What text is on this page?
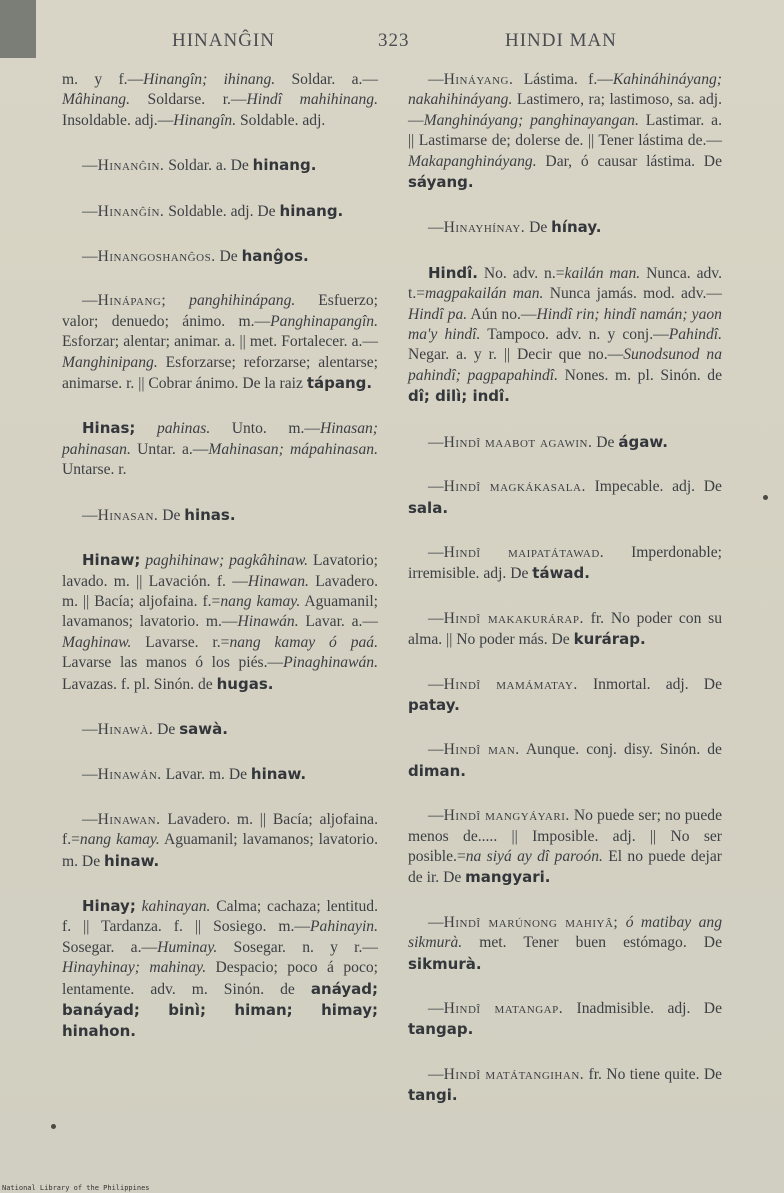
HINANĜIN	323	HINDI MAN
m. y f.—Hinangîn; ihinang. Soldar. a.—Mâhinang. Soldarse. r.—Hindî mahihinang. Insoldable. adj.—Hinangîn. Soldable. adj.
—Hinanĝin. Soldar. a. De hinang.
—Hinanĝín. Soldable. adj. De hinang.
—Hinangoshanĝos. De hanĝos.
—Hinápang; panghihinápang. Esfuerzo; valor; denuedo; ánimo. m.—Panghinapangîn. Esforzar; alentar; animar. a. || met. Fortalecer. a.—Manghinipang. Esforzarse; reforzarse; alentarse; animarse. r. || Cobrar ánimo. De la raiz tápang.
Hinas; pahinas. Unto. m.—Hinasan; pahinasan. Untar. a.—Mahinasan; mápahinasan. Untarse. r.
—Hinasan. De hinas.
Hinaw; paghihinaw; pagkâhinaw. Lavatorio; lavado. m. || Lavación. f. —Hinawan. Lavadero. m. || Bacía; aljofaina. f.=nang kamay. Aguamanil; lavamanos; lavatorio. m.—Hinawán. Lavar. a.—Maghinaw. Lavarse. r.=nang kamay ó paá. Lavarse las manos ó los piés.—Pinaghinawán. Lavazas. f. pl. Sinón. de hugas.
—Hinawà. De sawà.
—Hinawán. Lavar. m. De hinaw.
—Hinawan. Lavadero. m. || Bacía; aljofaina. f.=nang kamay. Aguamanil; lavamanos; lavatorio. m. De hinaw.
Hinay; kahinayan. Calma; cachaza; lentitud. f. || Tardanza. f. || Sosiego. m.—Pahinayin. Sosegar. a.—Huminay. Sosegar. n. y r.—Hinayhinay; mahinay. Despacio; poco á poco; lentamente. adv. m. Sinón. de anáyad; banáyad; binì; himan; himay; hinahon.
—Hináyang. Lástima. f.—Kahináhináyang; nakahihináyang. Lastimero, ra; lastimoso, sa. adj.—Manghináyang; panghinayangan. Lastimar. a. || Lastimarse de; dolerse de. || Tener lástima de.—Makapanghináyang. Dar, ó causar lástima. De sáyang.
—Hinayhínay. De hínay.
Hindî. No. adv. n.=kailán man. Nunca. adv. t.=magpakailán man. Nunca jamás. mod. adv.—Hindî pa. Aún no.—Hindî rin; hindî namán; yaon ma'y hindî. Tampoco. adv. n. y conj.—Pahindî. Negar. a. y r. || Decir que no.—Sunodsunod na pahindî; pagpapahindî. Nones. m. pl. Sinón. de dî; dilì; indî.
—Hindî maabot agawin. De ágaw.
—Hindî magkákasala. Impecable. adj. De sala.
—Hindî maipatátawad. Imperdonable; irremisible. adj. De táwad.
—Hindî makakurárap. fr. No poder con su alma. || No poder más. De kurárap.
—Hindî mamámatay. Inmortal. adj. De patay.
—Hindî man. Aunque. conj. disy. Sinón. de diman.
—Hindî mangyáyari. No puede ser; no puede menos de..... || Imposible. adj. || No ser posible.=na siyá ay dî paroón. El no puede dejar de ir. De mangyari.
—Hindî marúnong mahiyâ; ó matibay ang sikmurà. met. Tener buen estómago. De sikmurà.
—Hindî matangap. Inadmisible. adj. De tangap.
—Hindî matátangihan. fr. No tiene quite. De tangi.
National Library of the Philippines
